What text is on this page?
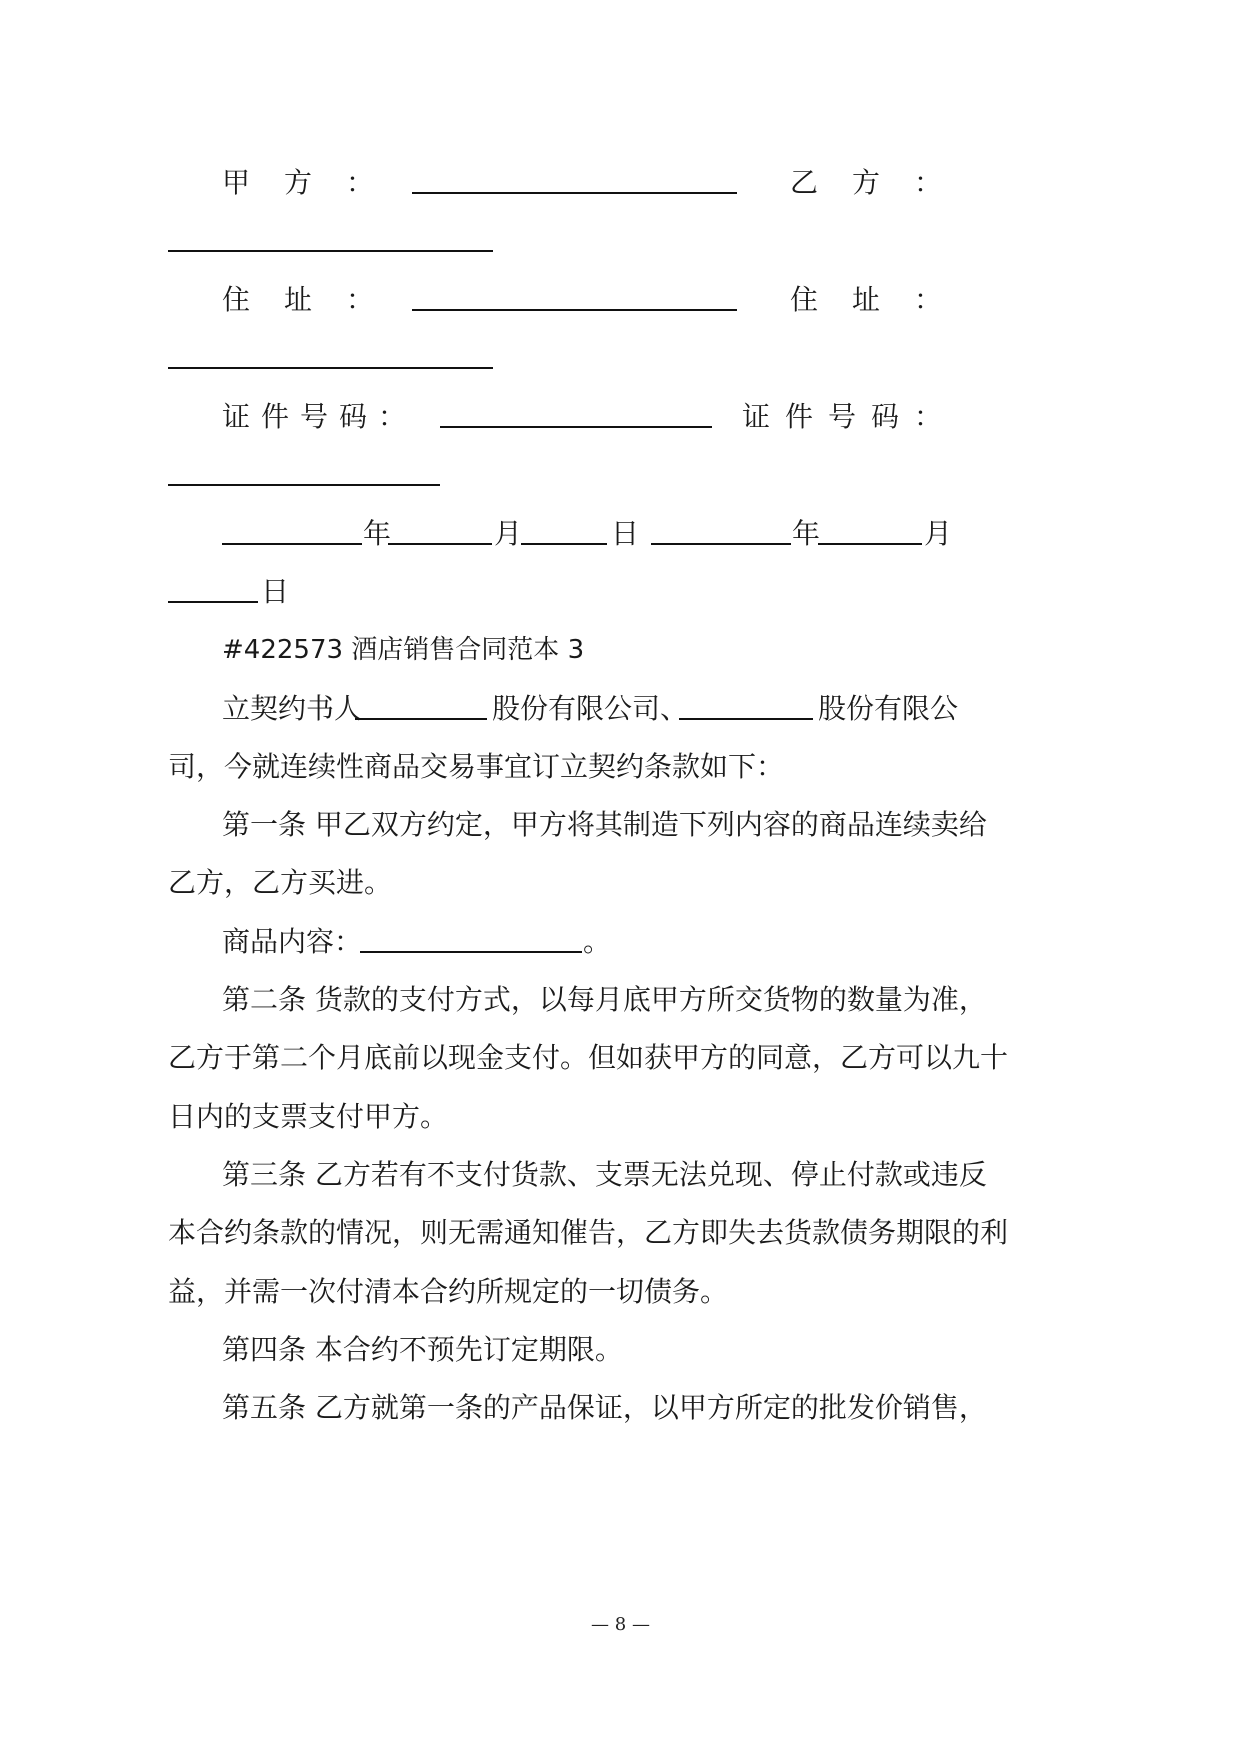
甲 方 ：	乙 方 ：
住 址 ：	住 址 ：
证 件 号 码 ：	证 件 号 码 ：
年	月	日	年	月
日
#422573 酒店销售合同范本 3
立契约书人	股份有限公司、	股份有限公
司，今就连续性商品交易事宜订立契约条款如下：
第一条 甲乙双方约定，甲方将其制造下列内容的商品连续卖给
乙方，乙方买进。
商品内容：	。
第二条 货款的支付方式，以每月底甲方所交货物的数量为准，
乙方于第二个月底前以现金支付。但如获甲方的同意，乙方可以九十
日内的支票支付甲方。
第三条 乙方若有不支付货款、支票无法兑现、停止付款或违反
本合约条款的情况，则无需通知催告，乙方即失去货款债务期限的利
益，并需一次付清本合约所规定的一切债务。
第四条 本合约不预先订定期限。
第五条 乙方就第一条的产品保证，以甲方所定的批发价销售，
— 8 —
